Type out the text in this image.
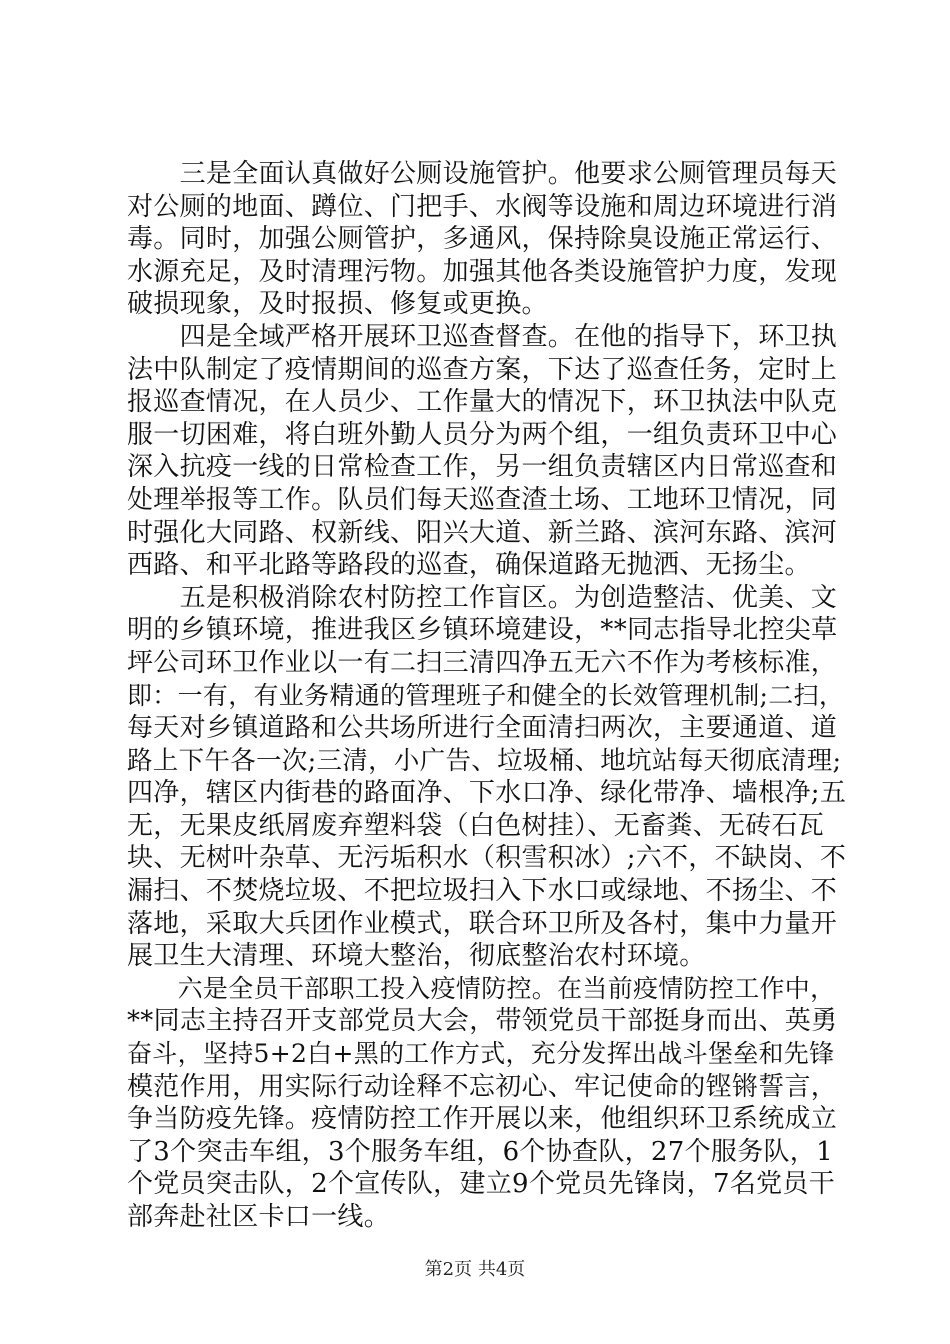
　　三是全面认真做好公厕设施管护。他要求公厕管理员每天
对公厕的地面、蹲位、门把手、水阀等设施和周边环境进行消
毒。同时，加强公厕管护，多通风，保持除臭设施正常运行、
水源充足，及时清理污物。加强其他各类设施管护力度，发现
破损现象，及时报损、修复或更换。
　　四是全域严格开展环卫巡查督查。在他的指导下，环卫执
法中队制定了疫情期间的巡查方案，下达了巡查任务，定时上
报巡查情况，在人员少、工作量大的情况下，环卫执法中队克
服一切困难，将白班外勤人员分为两个组，一组负责环卫中心
深入抗疫一线的日常检查工作，另一组负责辖区内日常巡查和
处理举报等工作。队员们每天巡查渣土场、工地环卫情况，同
时强化大同路、权新线、阳兴大道、新兰路、滨河东路、滨河
西路、和平北路等路段的巡查，确保道路无抛洒、无扬尘。
　　五是积极消除农村防控工作盲区。为创造整洁、优美、文
明的乡镇环境，推进我区乡镇环境建设，**同志指导北控尖草
坪公司环卫作业以一有二扫三清四净五无六不作为考核标准，
即：一有，有业务精通的管理班子和健全的长效管理机制;二扫，
每天对乡镇道路和公共场所进行全面清扫两次，主要通道、道
路上下午各一次;三清，小广告、垃圾桶、地坑站每天彻底清理;
四净，辖区内街巷的路面净、下水口净、绿化带净、墙根净;五
无，无果皮纸屑废弃塑料袋（白色树挂）、无畜粪、无砖石瓦
块、无树叶杂草、无污垢积水（积雪积冰）;六不，不缺岗、不
漏扫、不焚烧垃圾、不把垃圾扫入下水口或绿地、不扬尘、不
落地，采取大兵团作业模式，联合环卫所及各村，集中力量开
展卫生大清理、环境大整治，彻底整治农村环境。
　　六是全员干部职工投入疫情防控。在当前疫情防控工作中，
**同志主持召开支部党员大会，带领党员干部挺身而出、英勇
奋斗，坚持5+2白+黑的工作方式，充分发挥出战斗堡垒和先锋
模范作用，用实际行动诠释不忘初心、牢记使命的铿锵誓言，
争当防疫先锋。疫情防控工作开展以来，他组织环卫系统成立
了3个突击车组，3个服务车组，6个协查队，27个服务队，1
个党员突击队，2个宣传队，建立9个党员先锋岗，7名党员干
部奔赴社区卡口一线。
第2页 共4页
